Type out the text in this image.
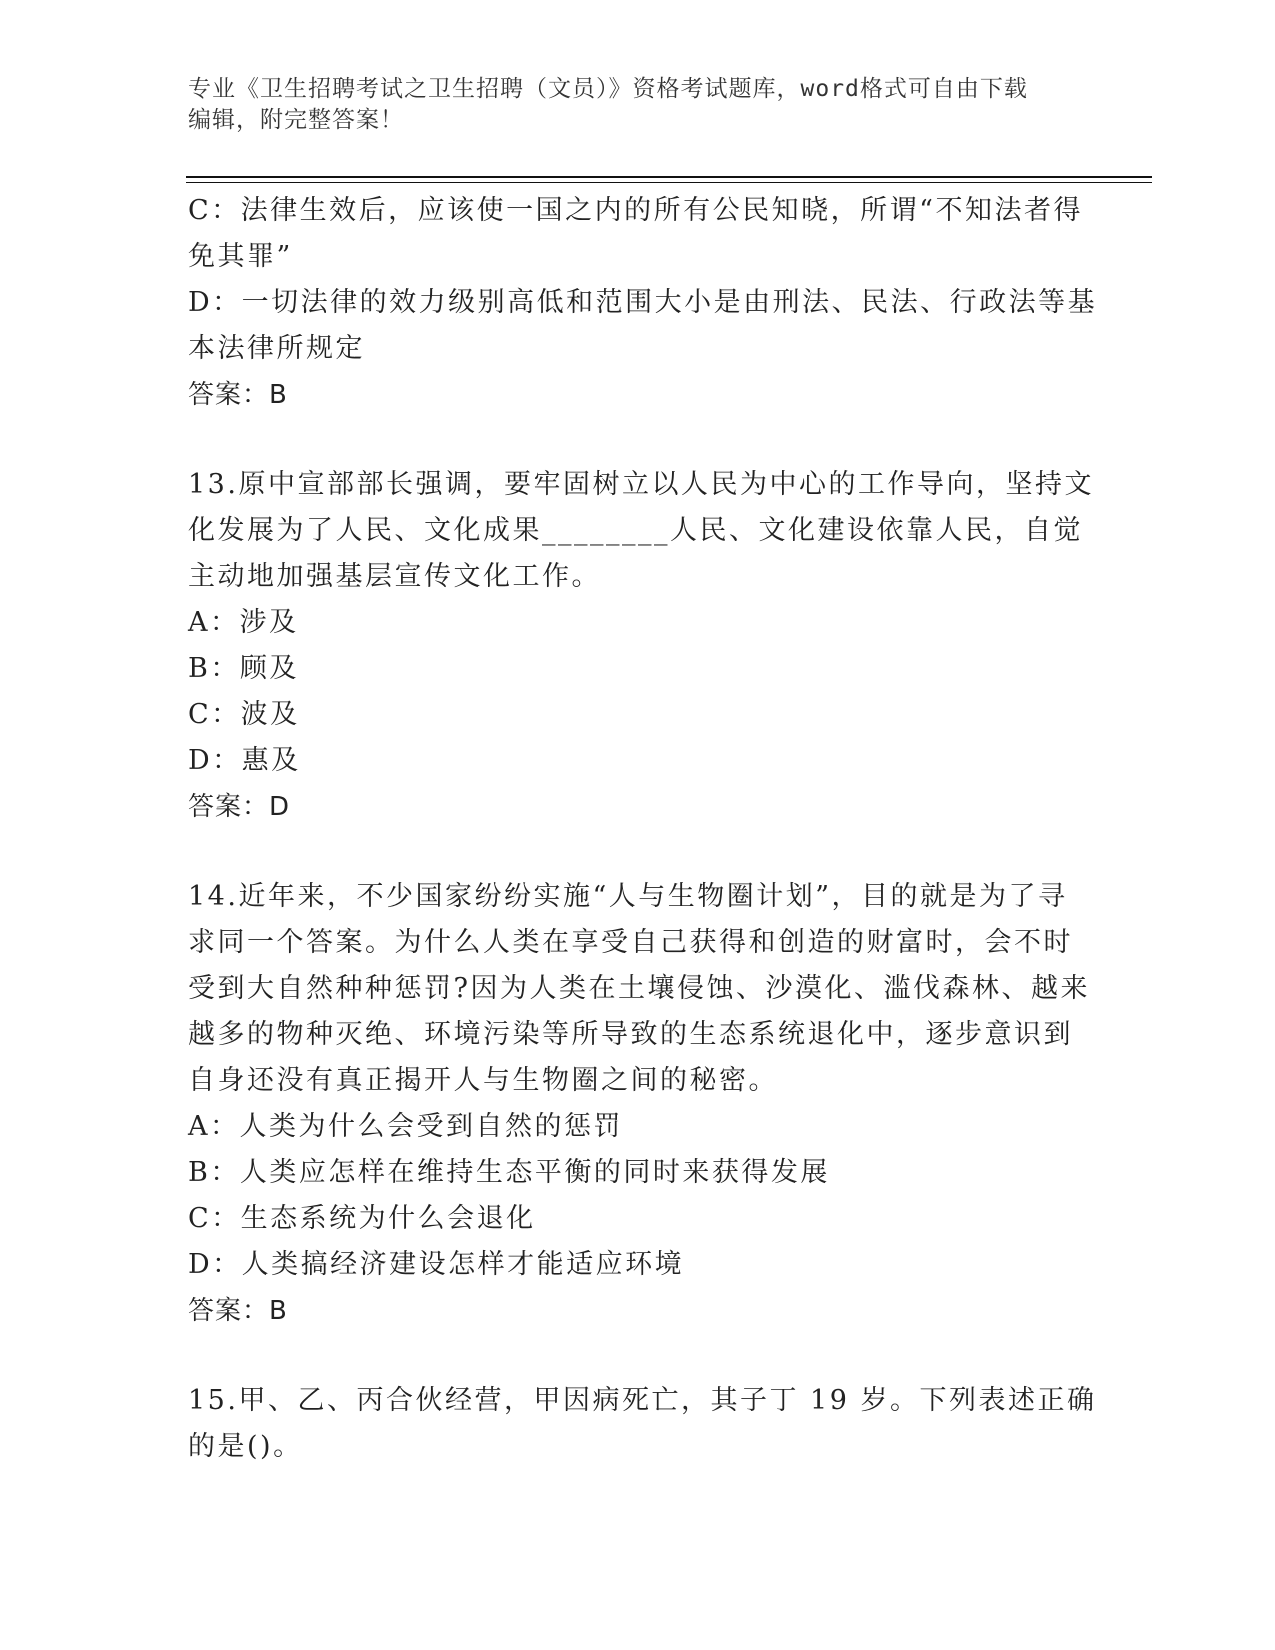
专业《卫生招聘考试之卫生招聘（文员）》资格考试题库，word格式可自由下载
编辑，附完整答案！
C：法律生效后，应该使一国之内的所有公民知晓，所谓“不知法者得
免其罪”
D：一切法律的效力级别高低和范围大小是由刑法、民法、行政法等基
本法律所规定
答案：B
13.原中宣部部长强调，要牢固树立以人民为中心的工作导向，坚持文
化发展为了人民、文化成果________人民、文化建设依靠人民，自觉
主动地加强基层宣传文化工作。
A：涉及
B：顾及
C：波及
D：惠及
答案：D
14.近年来，不少国家纷纷实施“人与生物圈计划”，目的就是为了寻
求同一个答案。为什么人类在享受自己获得和创造的财富时，会不时
受到大自然种种惩罚?因为人类在土壤侵蚀、沙漠化、滥伐森林、越来
越多的物种灭绝、环境污染等所导致的生态系统退化中，逐步意识到
自身还没有真正揭开人与生物圈之间的秘密。
A：人类为什么会受到自然的惩罚
B：人类应怎样在维持生态平衡的同时来获得发展
C：生态系统为什么会退化
D：人类搞经济建设怎样才能适应环境
答案：B
15.甲、乙、丙合伙经营，甲因病死亡，其子丁 19 岁。下列表述正确
的是()。
